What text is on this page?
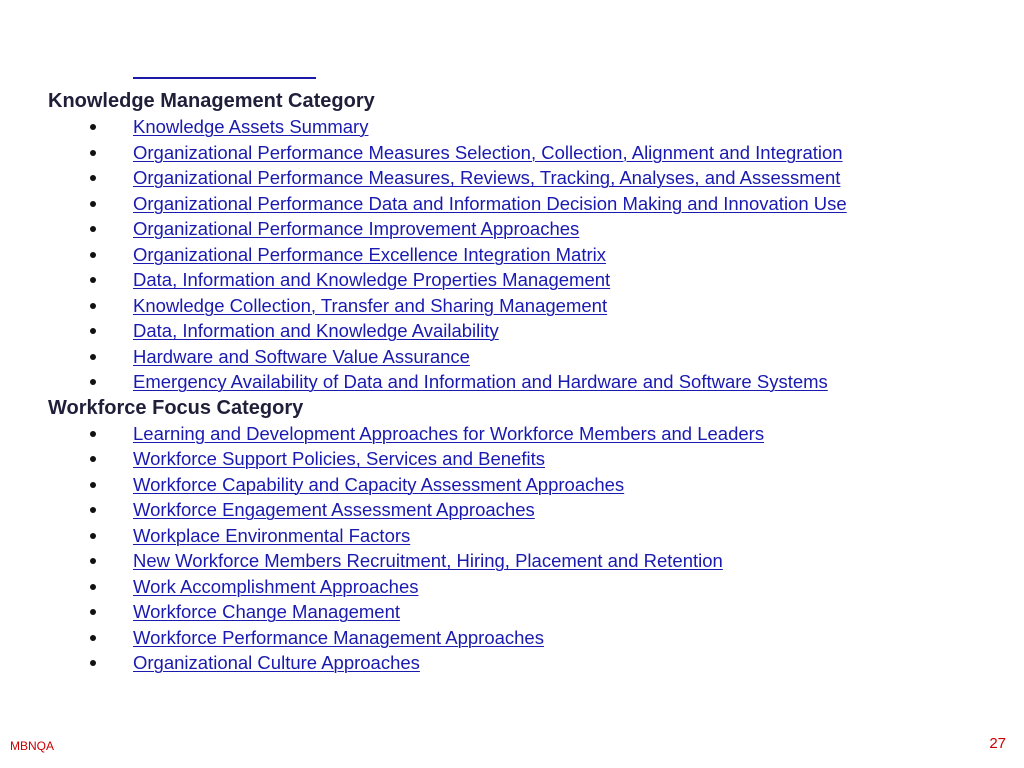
Knowledge Management Category
Knowledge Assets Summary
Organizational Performance Measures Selection, Collection, Alignment and Integration
Organizational Performance Measures, Reviews, Tracking, Analyses, and Assessment
Organizational Performance Data and Information Decision Making and Innovation Use
Organizational Performance Improvement Approaches
Organizational Performance Excellence Integration Matrix
Data, Information and Knowledge Properties Management
Knowledge Collection, Transfer and Sharing Management
Data, Information and Knowledge Availability
Hardware and Software Value Assurance
Emergency Availability of Data and Information and Hardware and Software Systems
Workforce Focus Category
Learning and Development Approaches for Workforce Members and Leaders
Workforce Support Policies, Services and Benefits
Workforce Capability and Capacity Assessment Approaches
Workforce Engagement Assessment Approaches
Workplace Environmental Factors
New Workforce Members Recruitment, Hiring, Placement and Retention
Work Accomplishment Approaches
Workforce Change Management
Workforce Performance Management Approaches
Organizational Culture Approaches
MBNQA	27
